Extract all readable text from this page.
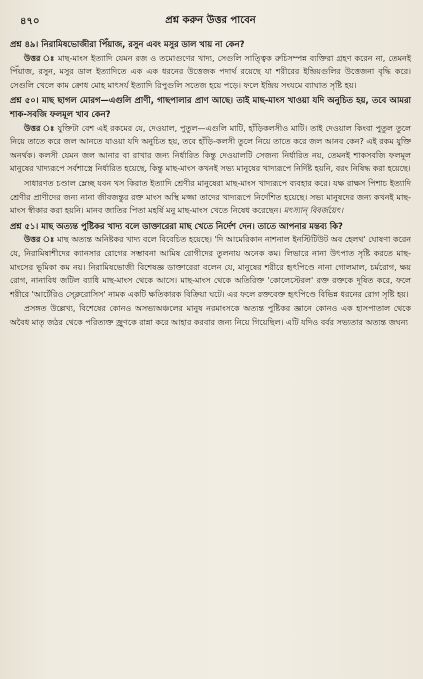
৪৭০	প্রশ্ন করুন উত্তর পাবেন
প্রশ্ন ৪৯। নিরামিষভোজীরা পিঁয়াজ, রসুন এবং মসুর ডাল খায় না কেন?

উত্তর ঃ মাছ-মাংস ইত্যাদি যেমন রজ ও তমোগুণের খাদ্য, সেগুলি সাত্ত্বিক রুচিসম্পন্ন ব্যক্তিরা গ্রহণ করেন না, তেমনই পিঁয়াজ, রসুন, মসুর ডাল ইত্যাদিতে এক এক ধরনের উত্তেজক পদার্থ রয়েছে যা শরীরের ইন্দ্রিয়গুলির উত্তেজনা বৃদ্ধি করে। সেগুলি খেলে কাম ক্রোধ মোহ মাৎসর্য ইত্যাদি রিপুগুলি সতেজ হয়ে পড়ে। ফলে ইন্দ্রিয় সংযমে ব্যাঘাত সৃষ্টি হয়।

প্রশ্ন ৫০। মাছ ছাগল মোরগ—এগুলি প্রাণী, গাছপালার প্রাণ আছে। তাই মাছ-মাংস খাওয়া যদি অনুচিত হয়, তবে আমরা শাক-সবজি ফলমূল খাব কেন?

উত্তর ঃ যুক্তিটা বেশ এই রকমের যে, দেওয়াল, পুতুল—এগুলি মাটি, হাঁড়িকলসীও মাটি। তাই দেওয়াল কিংবা পুতুল তুলে নিয়ে তাতে করে জল আনতে যাওয়া যদি অনুচিত হয়, তবে হাঁড়ি-কলসী তুলে নিয়ে তাতে করে জল আনব কেন? এই রকম যুক্তি অনর্থক। কলসী যেমন জল আনার বা রাখার জন্য নির্ধারিত কিন্তু দেওয়ালটি সেজন্য নির্ধারিত নয়, তেমনই শাকসবজি ফলমূল মানুষের খাদ্যরূপে সর্বশাস্ত্রে নির্ধারিত হয়েছে, কিন্তু মাছ-মাংস কখনই সভ্য মানুষের খাদ্যরূপে নির্দিষ্ট হয়নি, বরং নিষিদ্ধ করা হয়েছে।

সাধারণত চণ্ডাল ম্লেচ্ছ যবন খস কিরাত ইত্যাদি শ্রেণীর মানুষেরা মাছ-মাংস খাদ্যরূপে ব্যবহার করে। যক্ষ রাক্ষস পিশাচ ইত্যাদি শ্রেণীর প্রাণীদের জন্য নানা জীবজন্তুর রক্ত মাংস অস্থি মজ্জা তাদের খাদ্যরূপে নির্দেশিত হয়েছে। সভ্য মানুষদের জন্য কখনই মাছ-মাংস স্বীকার করা হয়নি। মানব জাতির পিতা মহর্ষি মনু মাছ-মাংস খেতে নিষেধ করেছেন। মৎস্যান্ বিবর্জয়েৎ।

প্রশ্ন ৫১। মাছ অত্যন্ত পুষ্টিকর খাদ্য বলে ডাক্তারেরা মাছ খেতে নির্দেশ দেন। তাতে আপনার মন্তব্য কি?

উত্তর ঃ মাছ অত্যন্ত অনিষ্টকর খাদ্য বলে বিবেচিত হয়েছে। 'দি আমেরিকান নাশনাল ইনস্টিটিউট অব হেলথ' ঘোষণা করেন যে, নিরামিষাশীদের ক্যানসার রোগের সম্ভাবনা আমিষ রোগীদের তুলনায় অনেক কম। লিভারে নানা উৎপাত সৃষ্টি করতে মাছ-মাংসের ভূমিকা কম নয়। নিরামিষভোজী বিশেষজ্ঞ ডাক্তারেরা বলেন যে, মানুষের শরীরে হৃৎপিণ্ডে নানা গোলমাল, চর্মরোগ, ক্ষয় রোগ, নানাবিধ জটিল ব্যাধি মাছ-মাংস থেকে আসে। মাছ-মাংস থেকে অতিরিক্ত 'কোলেস্টেরল' রক্ত রক্তকে দূষিত করে, ফলে শরীরে 'আর্টেরিও স্ক্লেরোসিস' নামক একটি ক্ষতিকারক বিক্রিয়া ঘটে। এর ফলে রক্তবেক্ত হৃৎপিণ্ডে বিভিন্ন ধরনের রোগ সৃষ্টি হয়।

প্রসঙ্গত উল্লেখ্য, বিশেষের কোনও অসভ্যঅঞ্চলের মানুষ নরমাংসকে অত্যন্ত পুষ্টিকর জ্ঞানে কোনও এক হাসপাতাল থেকে অবৈধ মাতৃ জঠর থেকে পরিত্যক্ত জ্রূণকে রান্না করে আহার করবার জন্য নিয়ে গিয়েছিল। এটি যদিও বর্বর সভ্যতার অত্যন্ত জঘন্য
